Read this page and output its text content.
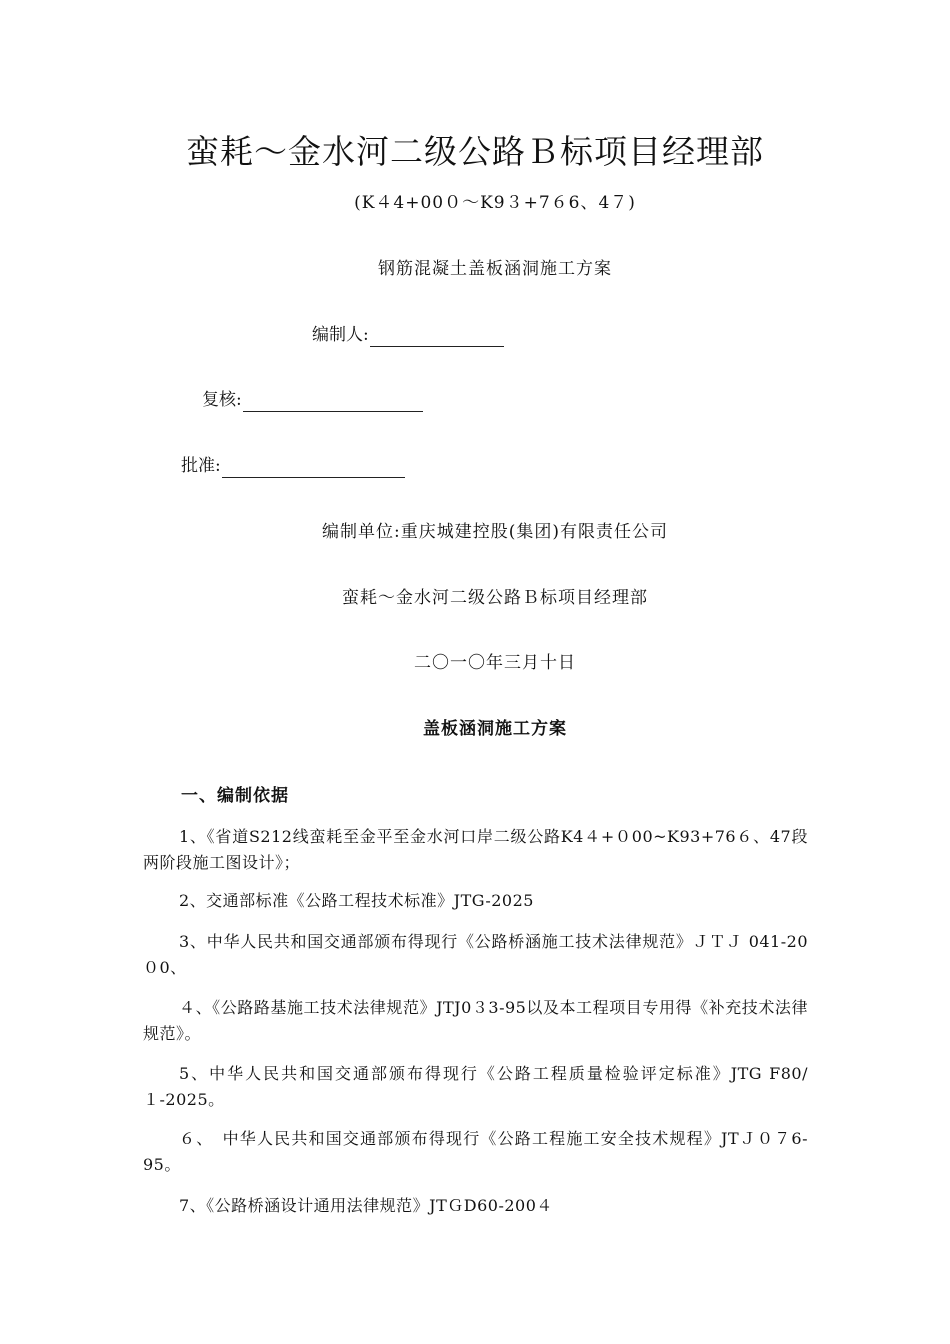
蛮耗～金水河二级公路Ｂ标项目经理部
(K４4+00０～K9３+7６6、4７)
钢筋混凝土盖板涵洞施工方案
编制人:
复核:
批准:
编制单位:重庆城建控股(集团)有限责任公司
蛮耗～金水河二级公路Ｂ标项目经理部
二〇一〇年三月十日
盖板涵洞施工方案
一、编制依据
1、《省道S212线蛮耗至金平至金水河口岸二级公路K4４+０00~K93+76６、47段两阶段施工图设计》；
2、交通部标准《公路工程技术标准》JTG-2025
3、中华人民共和国交通部颁布得现行《公路桥涵施工技术法律规范》ＪＴＪ 041-20０0、
４、《公路路基施工技术法律规范》JTJ0３3-95以及本工程项目专用得《补充技术法律规范》。
5、中华人民共和国交通部颁布得现行《公路工程质量检验评定标准》JTG F80/１-2025。
６、　中华人民共和国交通部颁布得现行《公路工程施工安全技术规程》JTＪ０７6-95。
7、《公路桥涵设计通用法律规范》JTＧD60-200４
